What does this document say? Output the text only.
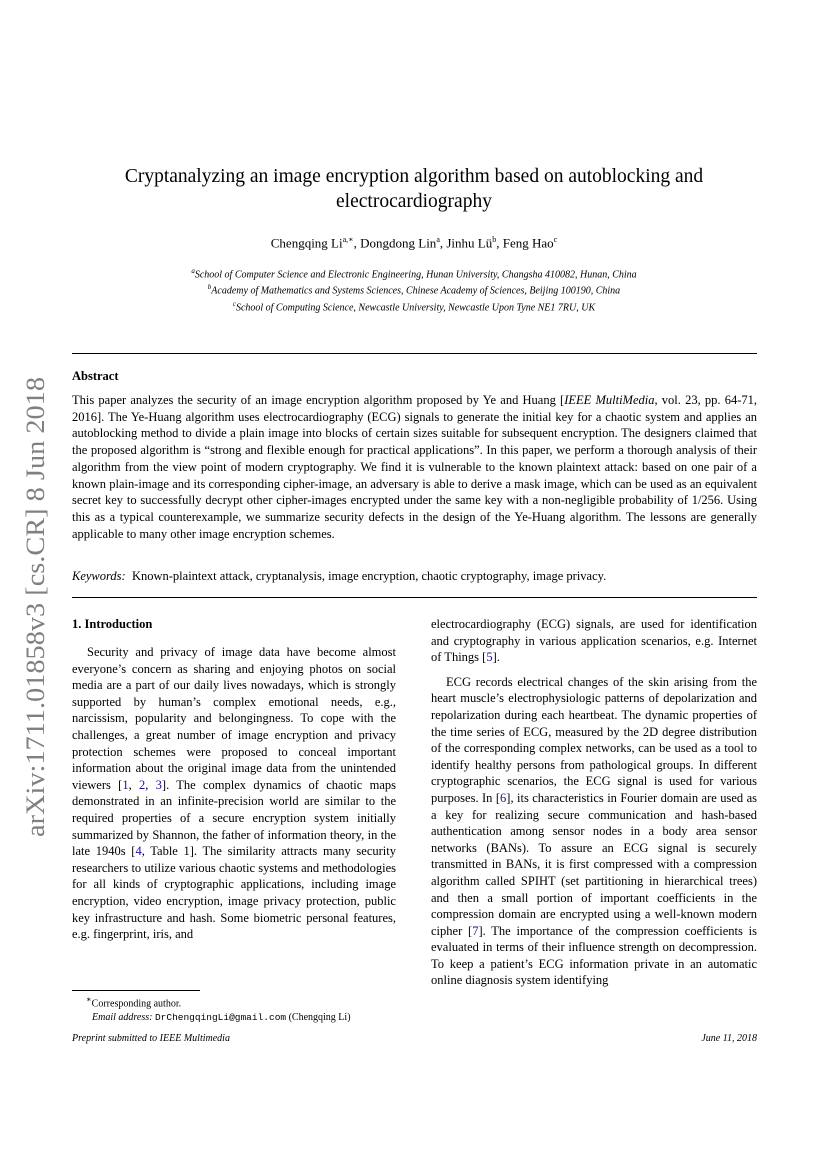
arXiv:1711.01858v3 [cs.CR] 8 Jun 2018
Cryptanalyzing an image encryption algorithm based on autoblocking and
electrocardiography
Chengqing $Li^{a,∗}$, Dongdong Lin$^a$, Jinhu $Lü^b$, Feng Hao$^c$
$^a$School of Computer Science and Electronic Engineering, Hunan University, Changsha 410082, Hunan, China
$^b$Academy of Mathematics and Systems Sciences, Chinese Academy of Sciences, Beijing 100190, China
$^c$School of Computing Science, Newcastle University, Newcastle Upon Tyne NE1 7RU, UK
Abstract
This paper analyzes the security of an image encryption algorithm proposed by Ye and Huang [IEEE MultiMedia, vol. 23, pp. 64-71, 2016]. The Ye-Huang algorithm uses electrocardiography (ECG) signals to generate the initial key for a chaotic system and applies an autoblocking method to divide a plain image into blocks of certain sizes suitable for subsequent encryption. The designers claimed that the proposed algorithm is “strong and flexible enough for practical applications”. In this paper, we perform a thorough analysis of their algorithm from the view point of modern cryptography. We find it is vulnerable to the known plaintext attack: based on one pair of a known plain-image and its corresponding cipher-image, an adversary is able to derive a mask image, which can be used as an equivalent secret key to successfully decrypt other cipher-images encrypted under the same key with a non-negligible probability of 1/256. Using this as a typical counterexample, we summarize security defects in the design of the Ye-Huang algorithm. The lessons are generally applicable to many other image encryption schemes.
Keywords: Known-plaintext attack, cryptanalysis, image encryption, chaotic cryptography, image privacy.
1. Introduction

Security and privacy of image data have become almost everyone’s concern as sharing and enjoying photos on social media are a part of our daily lives nowadays, which is strongly supported by human’s complex emotional needs, e.g., narcissism, popularity and belongingness. To cope with the challenges, a great number of image encryption and privacy protection schemes were proposed to conceal important information about the original image data from the unintended viewers [1, 2, 3]. The complex dynamics of chaotic maps demonstrated in an infinite-precision world are similar to the required properties of a secure encryption system initially summarized by Shannon, the father of information theory, in the late 1940s [4, Table 1]. The similarity attracts many security researchers to utilize various chaotic systems and methodologies for all kinds of cryptographic applications, including image encryption, video encryption, image privacy protection, public key infrastructure and hash. Some biometric personal features, e.g. fingerprint, iris, and

electrocardiography (ECG) signals, are used for identification and cryptography in various application scenarios, e.g. Internet of Things [5].

ECG records electrical changes of the skin arising from the heart muscle’s electrophysiologic patterns of depolarization and repolarization during each heartbeat. The dynamic properties of the time series of ECG, measured by the 2D degree distribution of the corresponding complex networks, can be used as a tool to identify healthy persons from pathological groups. In different cryptographic scenarios, the ECG signal is used for various purposes. In [6], its characteristics in Fourier domain are used as a key for realizing secure communication and hash-based authentication among sensor nodes in a body area sensor networks (BANs). To assure an ECG signal is securely transmitted in BANs, it is first compressed with a compression algorithm called SPIHT (set partitioning in hierarchical trees) and then a small portion of important coefficients in the compression domain are encrypted using a well-known modern cipher [7]. The importance of the compression coefficients is evaluated in terms of their influence strength on decompression. To keep a patient’s ECG information private in an automatic online diagnosis system identifying

∗Corresponding author.
Email address: DrChengqingLi@gmail.com (Chengqing Li)
Preprint submitted to IEEE Multimedia	June 11, 2018
